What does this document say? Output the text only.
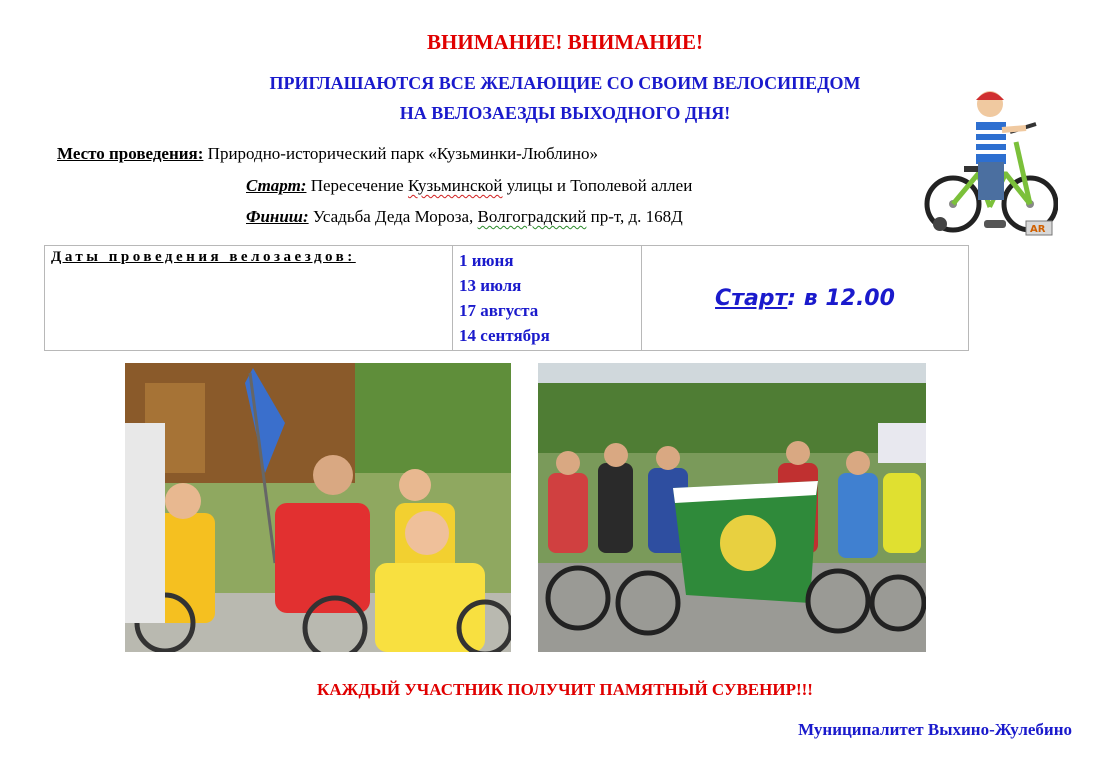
ВНИМАНИЕ! ВНИМАНИЕ!
ПРИГЛАШАЮТСЯ ВСЕ ЖЕЛАЮЩИЕ СО СВОИМ ВЕЛОСИПЕДОМ
НА ВЕЛОЗАЕЗДЫ ВЫХОДНОГО ДНЯ!
Место проведения: Природно-исторический парк «Кузьминки-Люблино»
Старт: Пересечение Кузьминской улицы и Тополевой аллеи
Финиш: Усадьба Деда Мороза, Волгоградский пр-т, д. 168Д
AR
Даты проведения велозаездов:	1 июня
13 июля
17 августа
14 сентября
	Старт: в 12.00
КАЖДЫЙ УЧАСТНИК ПОЛУЧИТ ПАМЯТНЫЙ СУВЕНИР!!!
Муниципалитет Выхино-Жулебино
